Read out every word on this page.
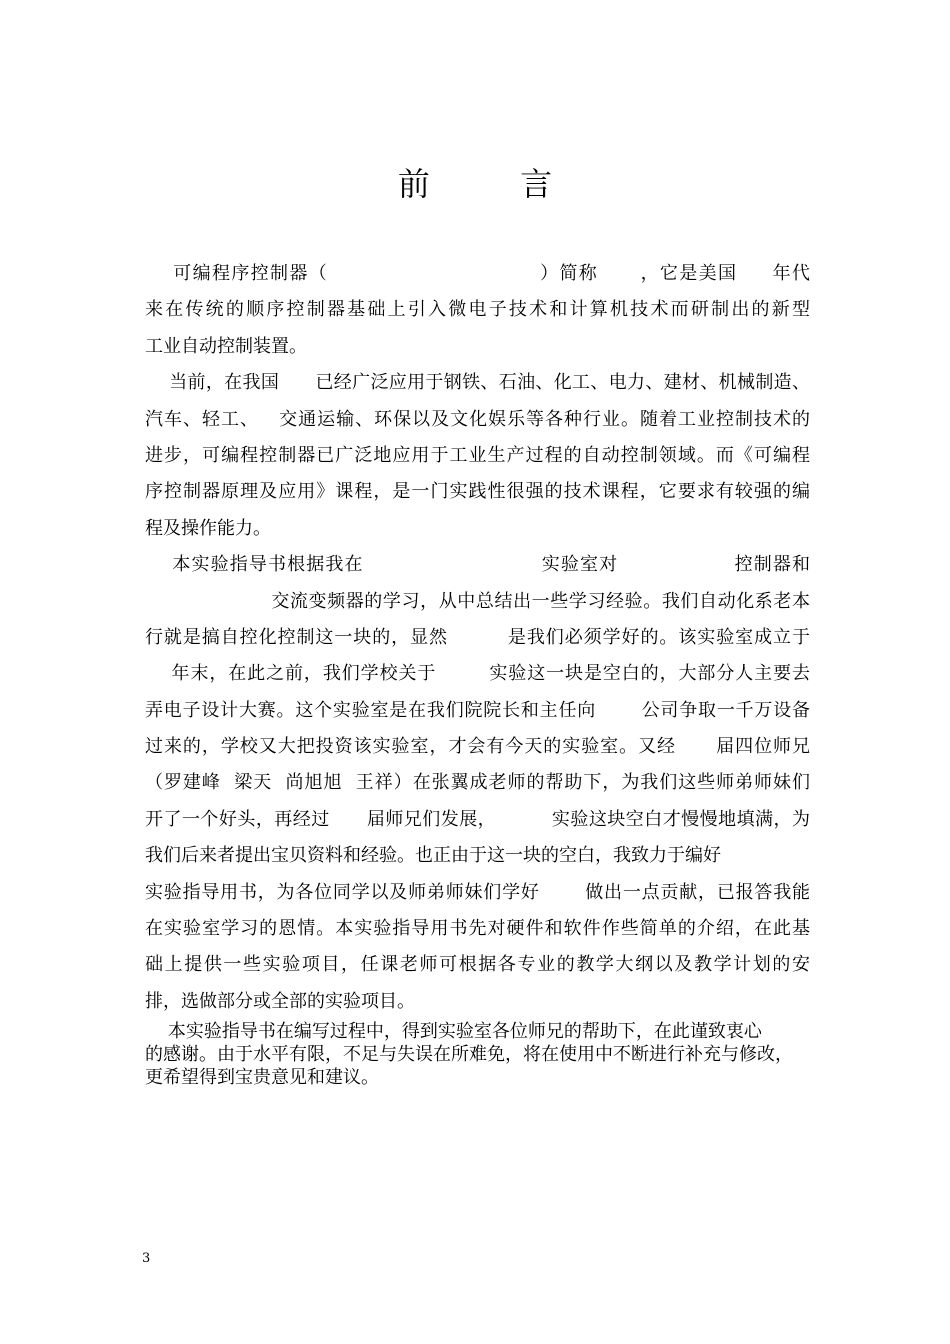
前 言
可编程序控制器（                              ）简称      ，它是美国     年代
来在传统的顺序控制器基础上引入微电子技术和计算机技术而研制出的新型
工业自动控制装置。
当前，在我国      已经广泛应用于钢铁、石油、化工、电力、建材、机械制造、
汽车、轻工、   交通运输、环保以及文化娱乐等各种行业。随着工业控制技术的
进步，可编程控制器已广泛地应用于工业生产过程的自动控制领域。而《可编程
序控制器原理及应用》课程，是一门实践性很强的技术课程，它要求有较强的编
程及操作能力。
本实验指导书根据我在                          实验室对                 控制器和
交流变频器的学习，从中总结出一些学习经验。我们自动化系老本
行就是搞自控化控制这一块的，显然         是我们必须学好的。该实验室成立于
年末，在此之前，我们学校关于        实验这一块是空白的，大部分人主要去
弄电子设计大赛。这个实验室是在我们院院长和主任向       公司争取一千万设备
过来的，学校又大把投资该实验室，才会有今天的实验室。又经      届四位师兄
（罗建峰  梁天  尚旭旭  王祥）在张翼成老师的帮助下，为我们这些师弟师妹们
开了一个好头，再经过      届师兄们发展，         实验这块空白才慢慢地填满，为
我们后来者提出宝贝资料和经验。也正由于这一块的空白，我致力于编好
实验指导用书，为各位同学以及师弟师妹们学好       做出一点贡献，已报答我能
在实验室学习的恩情。本实验指导用书先对硬件和软件作些简单的介绍，在此基
础上提供一些实验项目，任课老师可根据各专业的教学大纲以及教学计划的安
排，选做部分或全部的实验项目。
本实验指导书在编写过程中，得到实验室各位师兄的帮助下，在此谨致衷心
的感谢。由于水平有限，不足与失误在所难免，将在使用中不断进行补充与修改，
更希望得到宝贵意见和建议。
3
